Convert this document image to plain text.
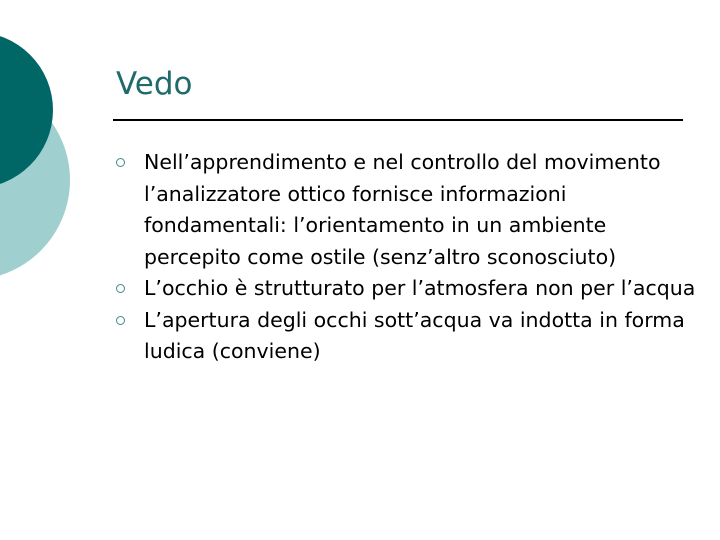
Vedo
Nell’apprendimento e nel controllo del movimento l’analizzatore ottico fornisce informazioni fondamentali: l’orientamento in un ambiente percepito come ostile (senz’altro sconosciuto)
L’occhio è strutturato per l’atmosfera non per l’acqua
L’apertura degli occhi sott’acqua va indotta in forma ludica (conviene)
